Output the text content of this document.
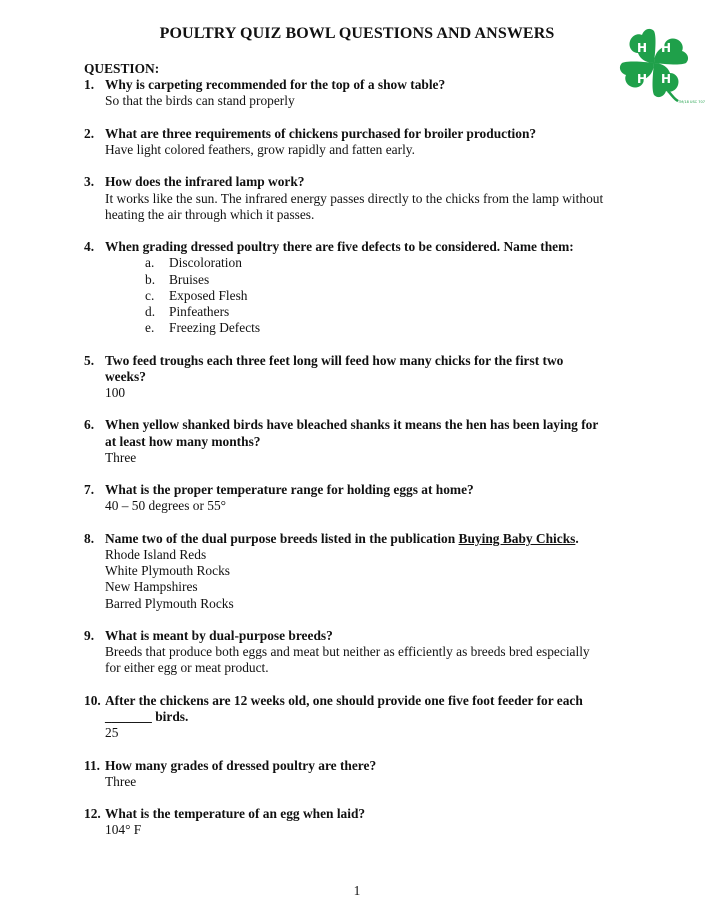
POULTRY QUIZ BOWL QUESTIONS AND ANSWERS
H H
H
H
TM/18 USC 707
QUESTION:
1. Why is carpeting recommended for the top of a show table?
So that the birds can stand properly
2. What are three requirements of chickens purchased for broiler production?
Have light colored feathers, grow rapidly and fatten early.
3. How does the infrared lamp work?
It works like the sun. The infrared energy passes directly to the chicks from the lamp without
heating the air through which it passes.
4. When grading dressed poultry there are five defects to be considered. Name them:
a. Discoloration
b. Bruises
c. Exposed Flesh
d. Pinfeathers
e. Freezing Defects
5. Two feed troughs each three feet long will feed how many chicks for the first two
weeks?
100
6. When yellow shanked birds have bleached shanks it means the hen has been laying for
at least how many months?
Three
7. What is the proper temperature range for holding eggs at home?
40 – 50 degrees or 55°
8. Name two of the dual purpose breeds listed in the publication Buying Baby Chicks.
Rhode Island Reds
White Plymouth Rocks
New Hampshires
Barred Plymouth Rocks
9. What is meant by dual-purpose breeds?
Breeds that produce both eggs and meat but neither as efficiently as breeds bred especially
for either egg or meat product.
10. After the chickens are 12 weeks old, one should provide one five foot feeder for each
_______ birds.
25
11. How many grades of dressed poultry are there?
Three
12. What is the temperature of an egg when laid?
104° F
1
